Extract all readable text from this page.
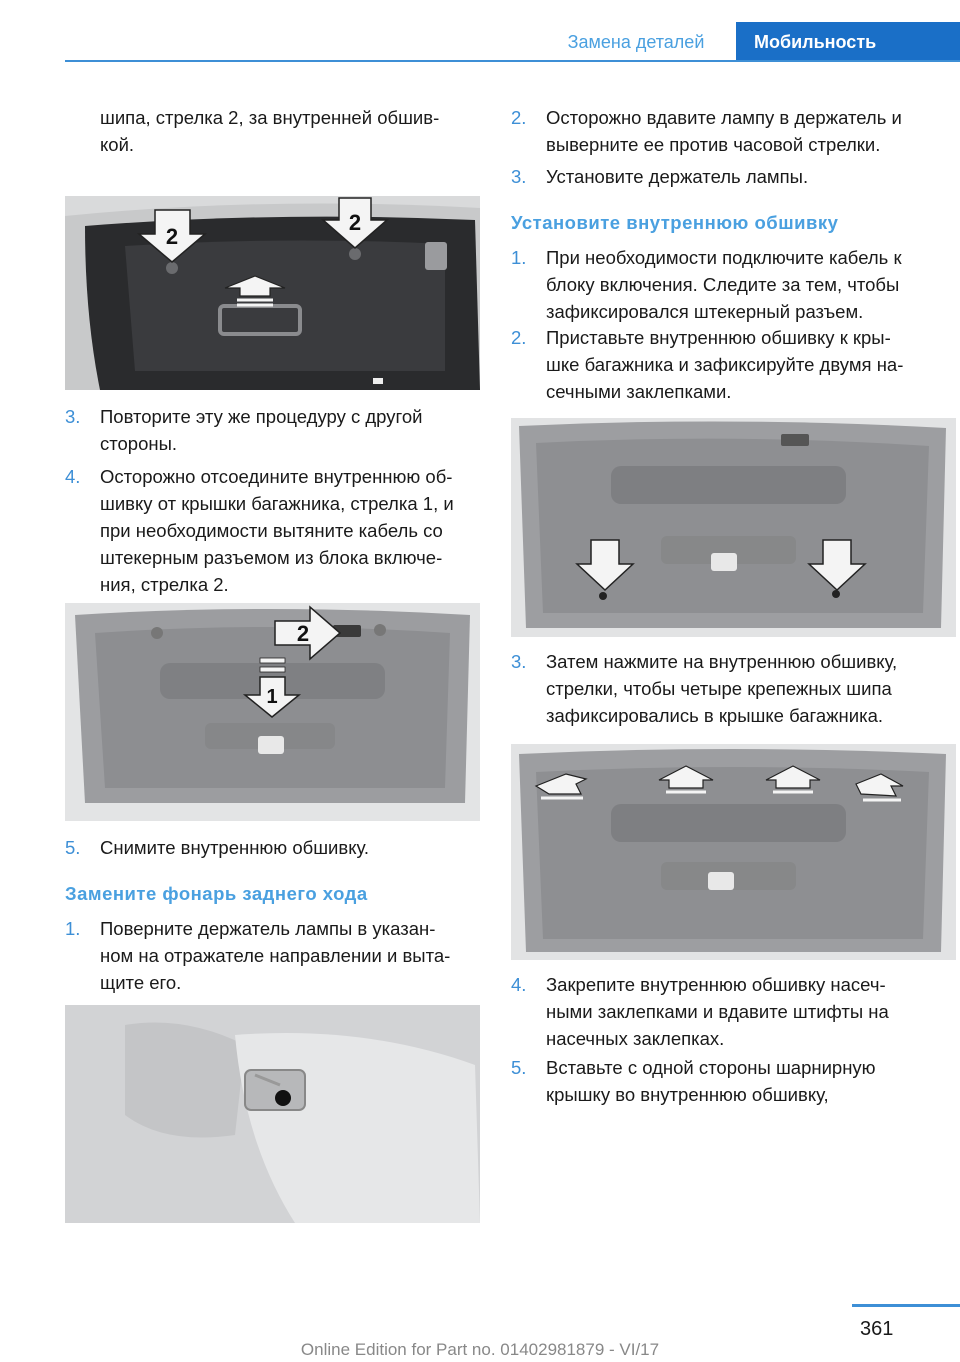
Замена деталей	Мобильность
шипа, стрелка 2, за внутренней обшив‐
кой.
2
2
3. Повторите эту же процедуру с другой
стороны.
4. Осторожно отсоедините внутреннюю об‐
шивку от крышки багажника, стрелка 1, и
при необходимости вытяните кабель со
штекерным разъемом из блока включе‐
ния, стрелка 2.
2
1
5. Снимите внутреннюю обшивку.
Замените фонарь заднего хода
1. Поверните держатель лампы в указан‐
ном на отражателе направлении и выта‐
щите его.
2. Осторожно вдавите лампу в держатель и
выверните ее против часовой стрелки.
3. Установите держатель лампы.
Установите внутреннюю обшивку
1. При необходимости подключите кабель к
блоку включения. Следите за тем, чтобы
зафиксировался штекерный разъем.
2. Приставьте внутреннюю обшивку к кры‐
шке багажника и зафиксируйте двумя на‐
сечными заклепками.
3. Затем нажмите на внутреннюю обшивку,
стрелки, чтобы четыре крепежных шипа
зафиксировались в крышке багажника.
4. Закрепите внутреннюю обшивку насеч‐
ными заклепками и вдавите штифты на
насечных заклепках.
5. Вставьте с одной стороны шарнирную
крышку во внутреннюю обшивку,
361
Online Edition for Part no. 01402981879 - VI/17
